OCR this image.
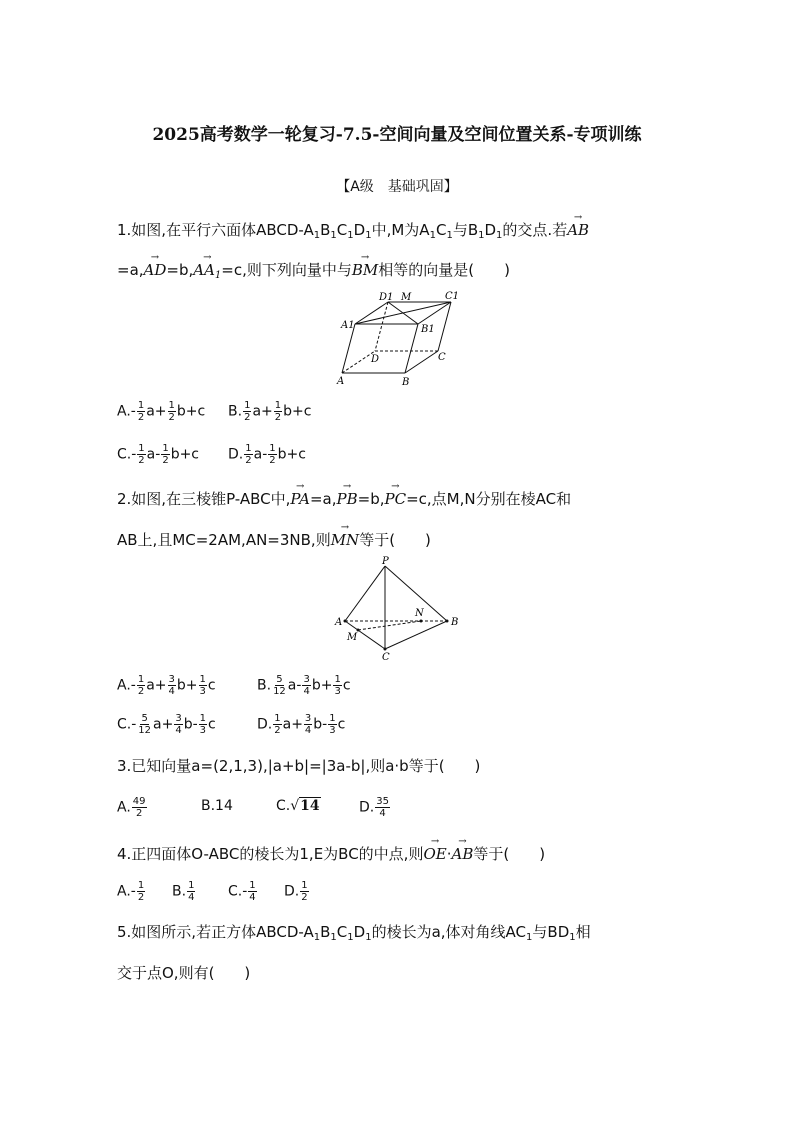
2025高考数学一轮复习-7.5-空间向量及空间位置关系-专项训练
【A级　基础巩固】
1.如图,在平行六面体ABCD-$A_1B_1C_1D_1$中,M为$A_1C_1$与$B_1D_1$的交点.若→ AB
$=a,\to AD=b,\to AA_1=c$,则下列向量中与→ BM相等的向量是(　　)
D1 M	C1
A1	B1
D	C
A	B
$A.- \frac{1}{2} a+ \frac{1}{2} b+c$ B. $\frac{1}{2} a+ \frac{1}{2} b+c$
$C.- \frac{1}{2} a- \frac{1}{2} b+c$ D. $\frac{1}{2} a- \frac{1}{2} b+c$
2.如图,在三棱锥P-ABC中,→ PA=a,→ PB=b,→ PC=c,点M,N分别在棱AC和
AB上,且MC=2AM,AN=3NB,则→ MN等于(　　)
P
N
A	B
M
C
$A.- \frac{1}{2} a+ \frac{3}{4} b+ \frac{1}{3}$ c	B. $\frac{5}{12} a- \frac{3}{4} b+ \frac{1}{3}$ c
$C.- \frac{5}{12} a+ \frac{3}{4} b- \frac{1}{3}$ c	D. $\frac{1}{2} a+ \frac{3}{4} b- \frac{1}{3}$ c
3.已知向量a=(2,1,3),|a+b|=|3a-b|,则a·b等于(　　)
A. $\frac{49}{2}$	B.14	C.√14	D. $\frac{35}{4}$
4.正四面体O-ABC的棱长为1,E为BC的中点,则→ OE·→ AB等于(　　)
$A.- \frac{1}{2} B$. $\frac{1}{4} C.- \frac{1}{4} D$. $\frac{1}{2}$
5.如图所示,若正方体ABCD-$A_1B_1C_1D_1$的棱长为a,体对角线$AC_1$与$BD_1$相
交于点O,则有(　　)
